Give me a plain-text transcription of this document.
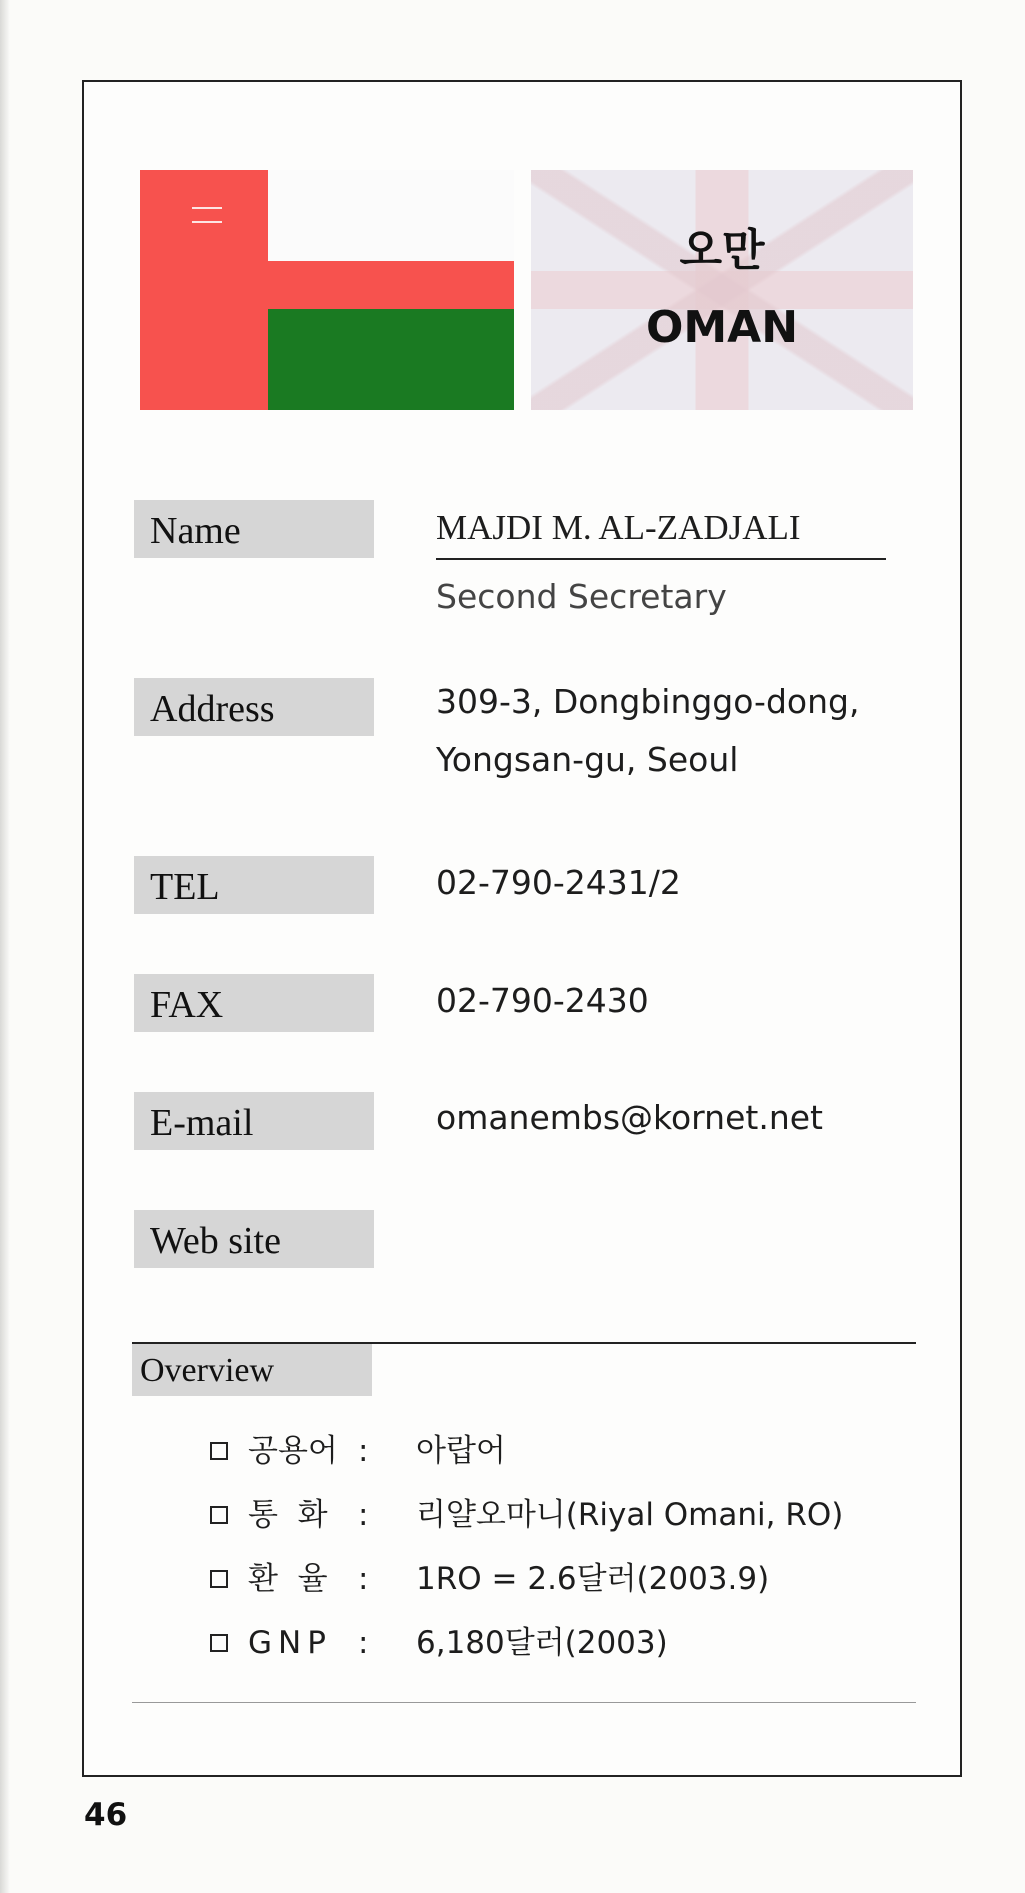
오만
OMAN
Name	MAJDI M. AL-ZADJALI
Second Secretary
Address	309-3, Dongbinggo-dong,
Yongsan-gu, Seoul
TEL	02-790-2431/2
FAX	02-790-2430
E-mail	omanembs@kornet.net
Web site
Overview
공용어 : 아랍어
통  화 : 리얄오마니(Riyal Omani, RO)
환  율 : 1RO = 2.6달러(2003.9)
GNP : 6,180달러(2003)
46
